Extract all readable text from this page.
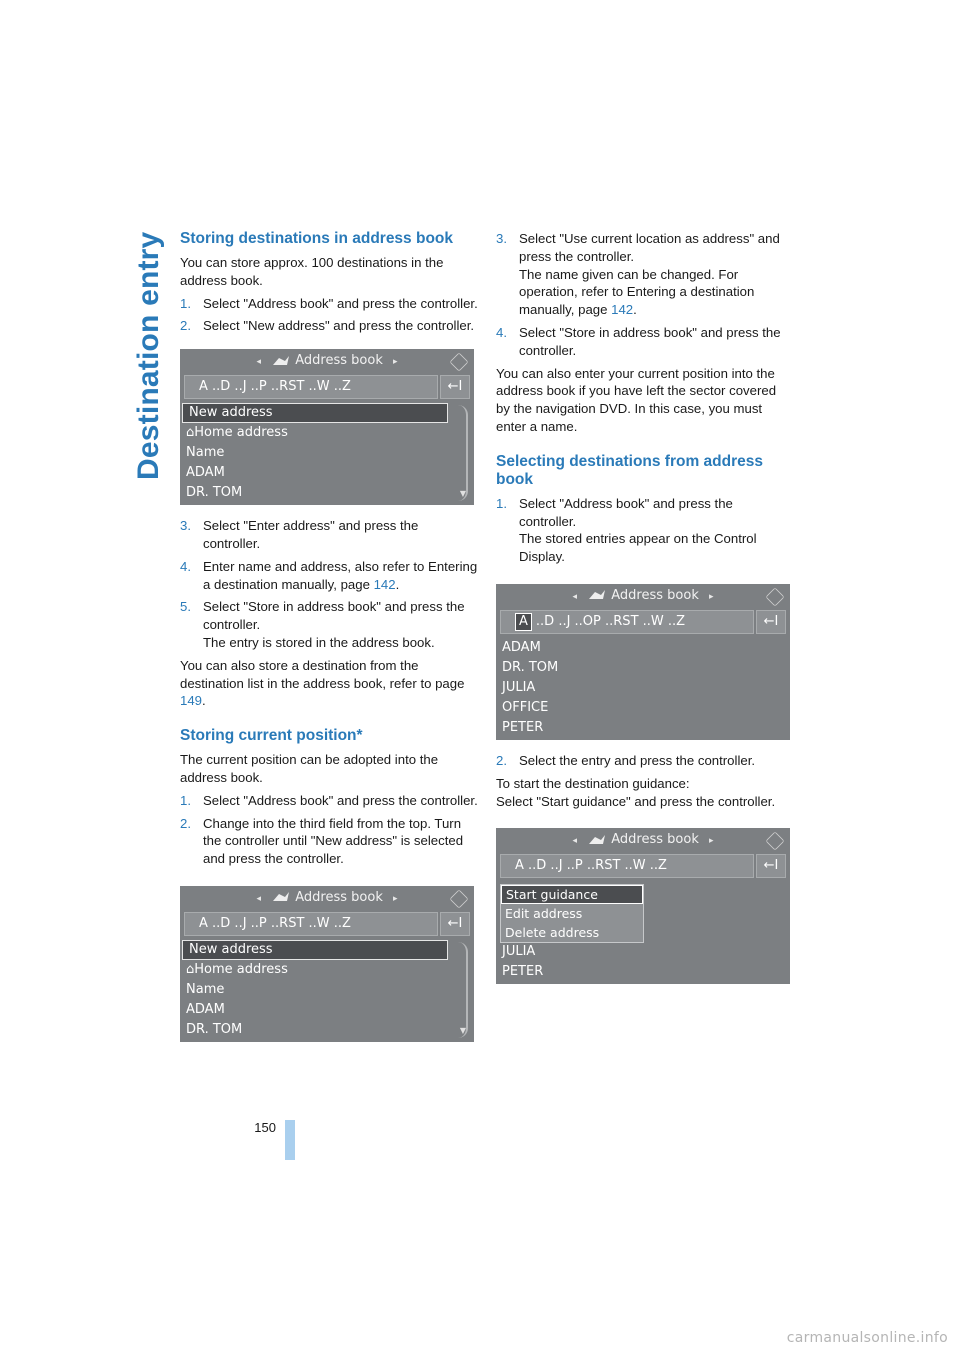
Destination entry Storing destinations in address book

You can store approx. 100 destinations in the address book.

1. Select "Address book" and press the controller.
2. Select "New address" and press the controller.
◂	Address book ▸
A ..D ..J ..P ..RST ..W ..Z	←I
New address
⌂Home address
Name
ADAM
DR. TOM	▼
3. Select "Enter address" and press the controller.
4. Enter name and address, also refer to Entering a destination manually, page 142.
5. Select "Store in address book" and press the controller.
The entry is stored in the address book.

You can also store a destination from the destination list in the address book, refer to page 149.

Storing current position*

The current position can be adopted into the address book.

1. Select "Address book" and press the controller.
2. Change into the third field from the top. Turn the controller until "New address" is selected and press the controller.
◂	Address book ▸
A ..D ..J ..P ..RST ..W ..Z	←I
New address
⌂Home address
Name
ADAM
DR. TOM	▼
3. Select "Use current location as address" and press the controller.
The name given can be changed. For operation, refer to Entering a destination manually, page 142.
4. Select "Store in address book" and press the controller.

You can also enter your current position into the address book if you have left the sector covered by the navigation DVD. In this case, you must enter a name.

Selecting destinations from address book
1. Select "Address book" and press the controller.
The stored entries appear on the Control Display.
◂	Address book ▸
A ..D ..J ..OP ..RST ..W ..Z	←I
ADAM
DR. TOM
JULIA
OFFICE
PETER
2. Select the entry and press the controller.

To start the destination guidance:
Select "Start guidance" and press the controller.

◂	Address book ▸
A ..D ..J ..P ..RST ..W ..Z	←I
JULIA
PETER
Start guidance
Edit address
Delete address
150
carmanualsonline.info
